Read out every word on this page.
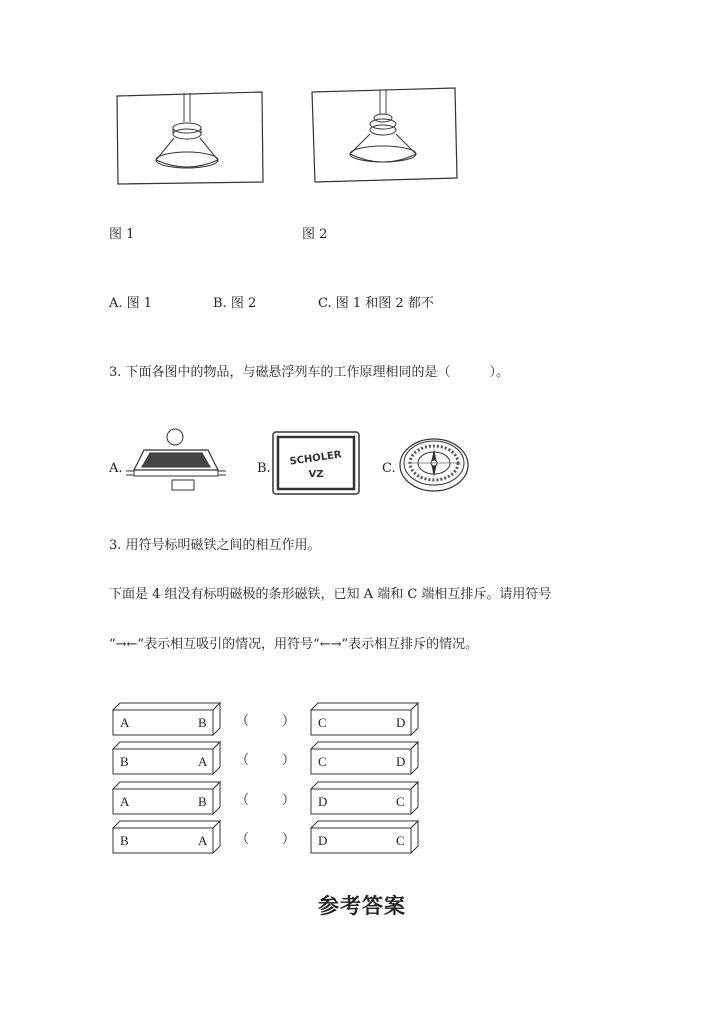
图 1	图 2
A. 图 1	B. 图 2	C. 图 1 和图 2 都不
3. 下面各图中的物品，与磁悬浮列车的工作原理相同的是（　　　）。
A.	B.
SCHOLER
VZ	C.
3. 用符号标明磁铁之间的相互作用。
下面是 4 组没有标明磁极的条形磁铁，已知 A 端和 C 端相互排斥。请用符号
“→←”表示相互吸引的情况，用符号“←→”表示相互排斥的情况。
A	B （	） C	D
B	A （	） C	D
A	B （	） D	C
B	A （	） D	C
参考答案
